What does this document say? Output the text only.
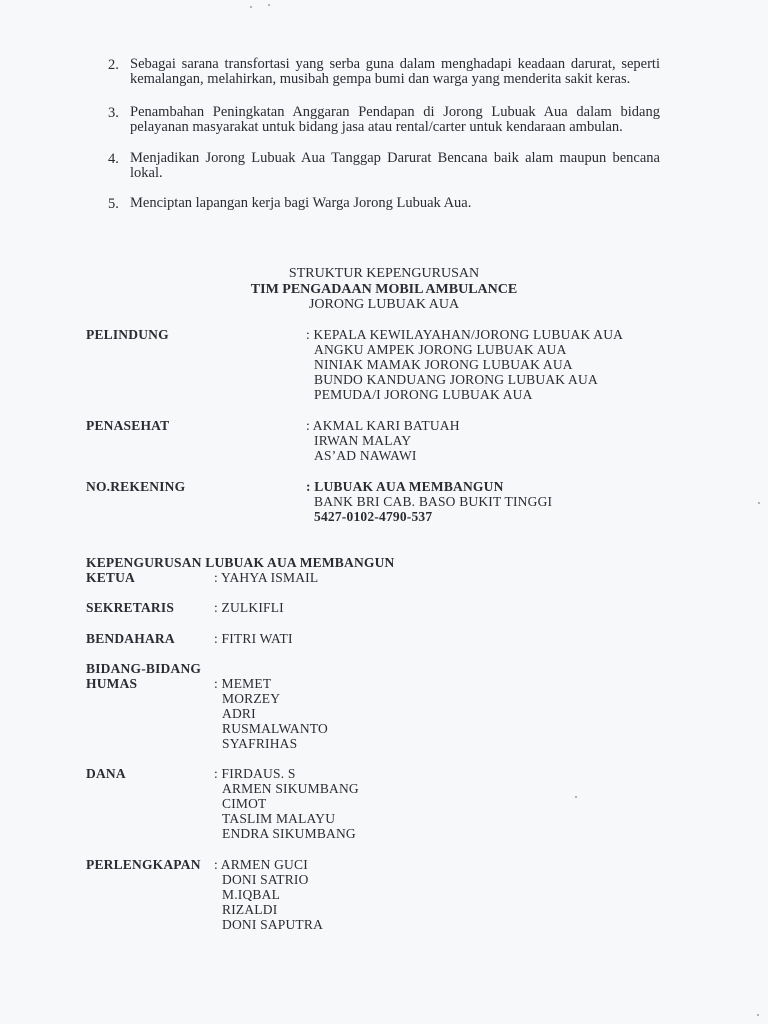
2. Sebagai sarana transfortasi yang serba guna dalam menghadapi keadaan darurat, seperti kemalangan, melahirkan, musibah gempa bumi dan warga yang menderita sakit keras.
3. Penambahan Peningkatan Anggaran Pendapan di Jorong Lubuak Aua dalam bidang pelayanan masyarakat untuk bidang jasa atau rental/carter untuk kendaraan ambulan.
4. Menjadikan Jorong Lubuak Aua Tanggap Darurat Bencana baik alam maupun bencana lokal.
5. Menciptan lapangan kerja bagi Warga Jorong Lubuak Aua.
STRUKTUR KEPENGURUSAN
TIM PENGADAAN MOBIL AMBULANCE
JORONG LUBUAK AUA
PELINDUNG	: KEPALA KEWILAYAHAN/JORONG LUBUAK AUA
ANGKU AMPEK JORONG LUBUAK AUA
NINIAK MAMAK JORONG LUBUAK AUA
BUNDO KANDUANG JORONG LUBUAK AUA
PEMUDA/I JORONG LUBUAK AUA
PENASEHAT	: AKMAL KARI BATUAH
IRWAN MALAY
AS’AD NAWAWI
NO.REKENING	: LUBUAK AUA MEMBANGUN
BANK BRI CAB. BASO BUKIT TINGGI
5427-0102-4790-537
KEPENGURUSAN LUBUAK AUA MEMBANGUN
KETUA	: YAHYA ISMAIL
SEKRETARIS	: ZULKIFLI
BENDAHARA	: FITRI WATI
BIDANG-BIDANG
HUMAS	: MEMET
MORZEY
ADRI
RUSMALWANTO
SYAFRIHAS
DANA	: FIRDAUS. S
ARMEN SIKUMBANG
CIMOT
TASLIM MALAYU
ENDRA SIKUMBANG
PERLENGKAPAN : ARMEN GUCI
DONI SATRIO
M.IQBAL
RIZALDI
DONI SAPUTRA
